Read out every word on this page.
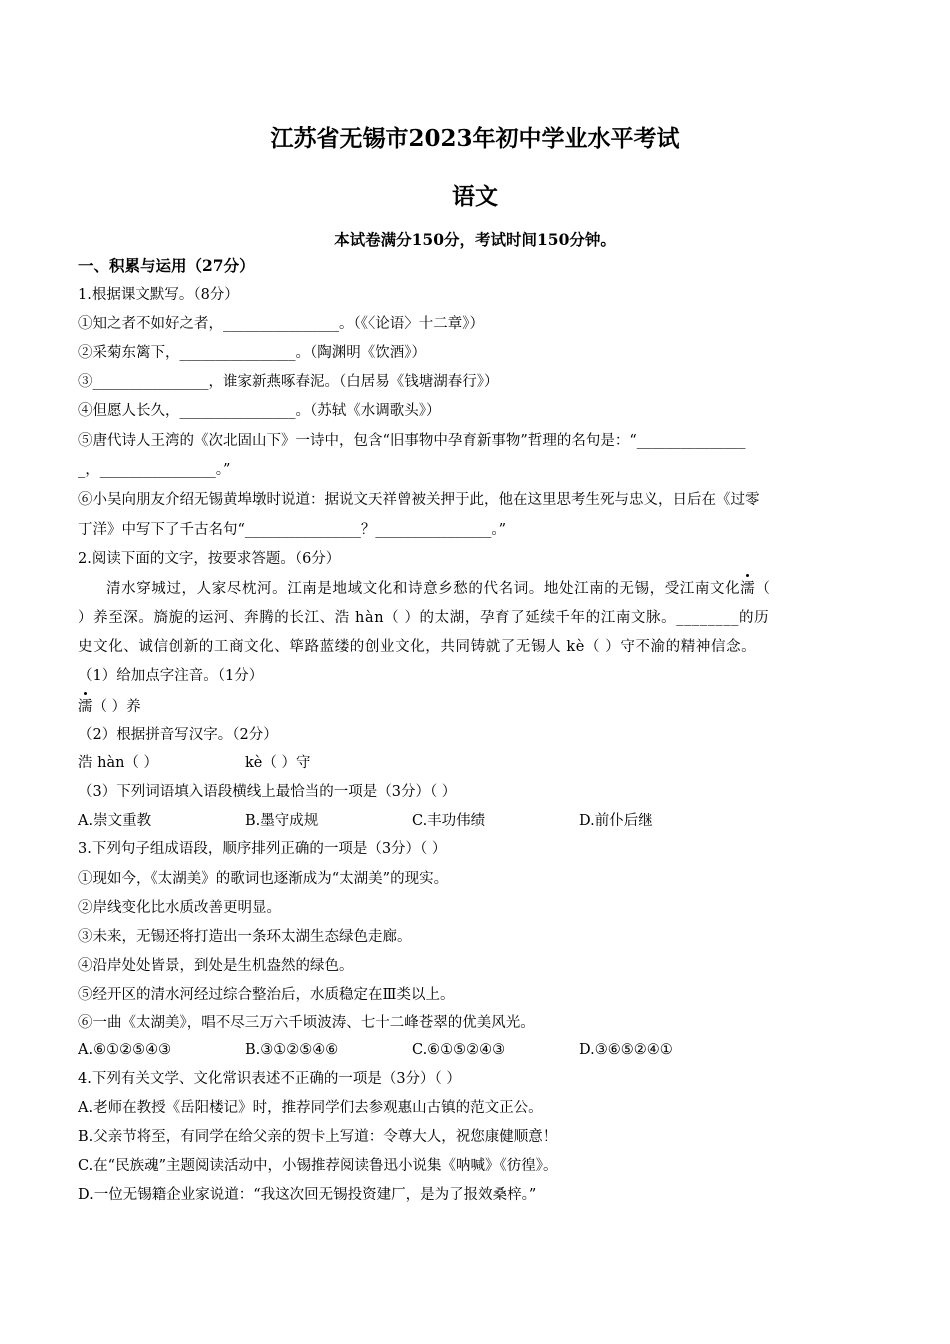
江苏省无锡市2023年初中学业水平考试
语文
本试卷满分150分，考试时间150分钟。
一、积累与运用（27分）
1.根据课文默写。（8分）
①知之者不如好之者，________________。（《〈论语〉十二章》）
②采菊东篱下，________________。（陶渊明《饮酒》）
③________________，谁家新燕啄春泥。（白居易《钱塘湖春行》）
④但愿人长久，________________。（苏轼《水调歌头》）
⑤唐代诗人王湾的《次北固山下》一诗中，包含“旧事物中孕育新事物”哲理的名句是：“_______________
_，________________。”
⑥小吴向朋友介绍无锡黄埠墩时说道：据说文天祥曾被关押于此，他在这里思考生死与忠义，日后在《过零
丁洋》中写下了千古名句“________________？________________。”
2.阅读下面的文字，按要求答题。（6分）
清水穿城过，人家尽枕河。江南是地域文化和诗意乡愁的代名词。地处江南的无锡，受江南文化濡（
）养至深。旖旎的运河、奔腾的长江、浩 hàn（ ）的太湖，孕育了延续千年的江南文脉。________的历
史文化、诚信创新的工商文化、筚路蓝缕的创业文化，共同铸就了无锡人 kè（ ）守不渝的精神信念。
（1）给加点字注音。（1分）
濡（ ）养
（2）根据拼音写汉字。（2分）
浩 hàn（ ）	kè（ ）守
（3）下列词语填入语段横线上最恰当的一项是（3分）（ ）
A.崇文重教	B.墨守成规	C.丰功伟绩	D.前仆后继
3.下列句子组成语段，顺序排列正确的一项是（3分）（ ）
①现如今，《太湖美》的歌词也逐渐成为“太湖美”的现实。
②岸线变化比水质改善更明显。
③未来，无锡还将打造出一条环太湖生态绿色走廊。
④沿岸处处皆景，到处是生机盎然的绿色。
⑤经开区的清水河经过综合整治后，水质稳定在Ⅲ类以上。
⑥一曲《太湖美》，唱不尽三万六千顷波涛、七十二峰苍翠的优美风光。
A.⑥①②⑤④③	B.③①②⑤④⑥	C.⑥①⑤②④③	D.③⑥⑤②④①
4.下列有关文学、文化常识表述不正确的一项是（3分）（ ）
A.老师在教授《岳阳楼记》时，推荐同学们去参观惠山古镇的范文正公。
B.父亲节将至，有同学在给父亲的贺卡上写道：令尊大人，祝您康健顺意！
C.在“民族魂”主题阅读活动中，小锡推荐阅读鲁迅小说集《呐喊》《彷徨》。
D.一位无锡籍企业家说道：“我这次回无锡投资建厂，是为了报效桑梓。”
